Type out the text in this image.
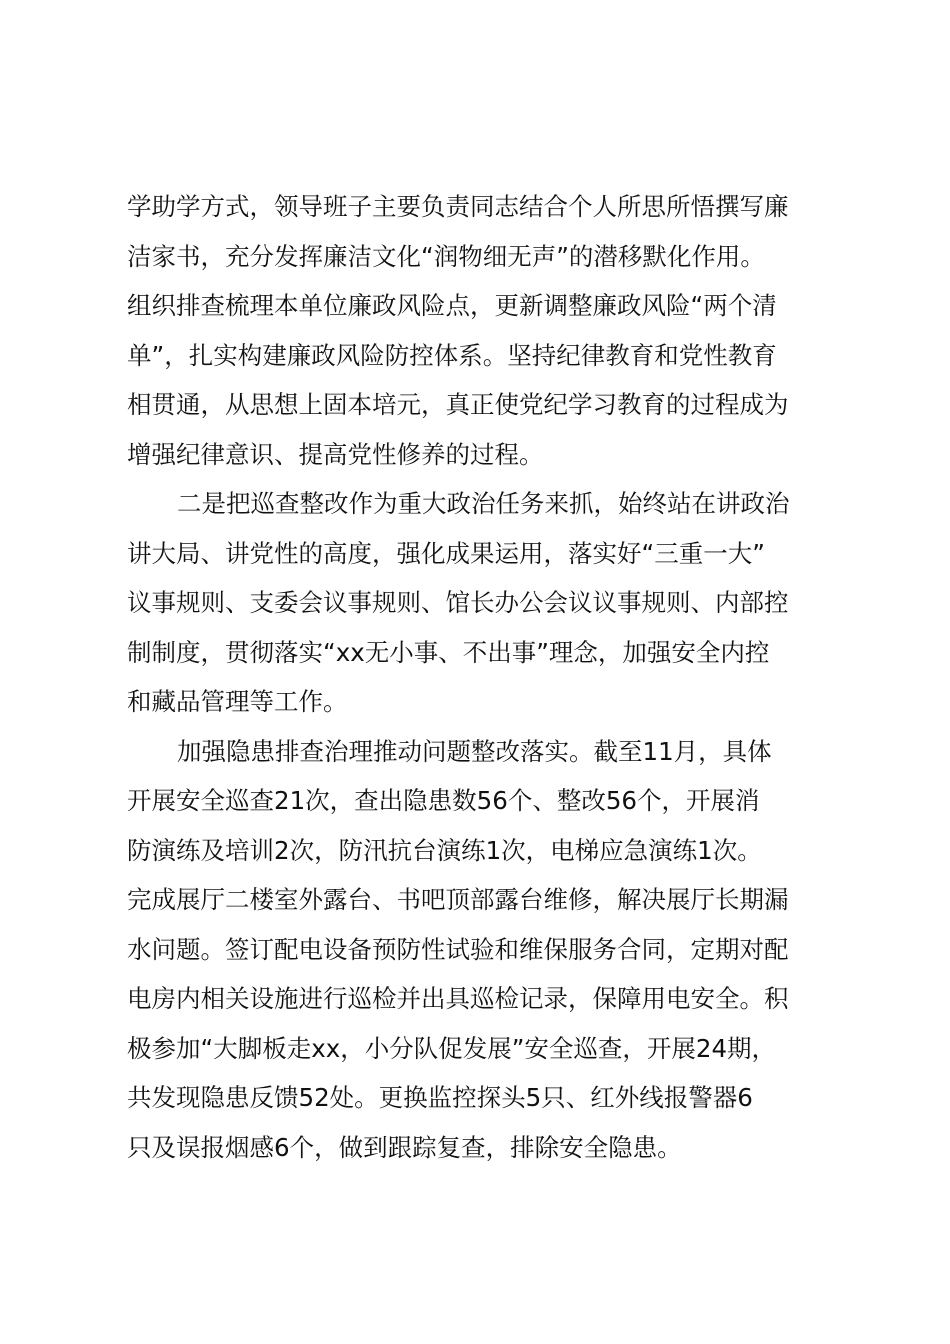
学助学方式，领导班子主要负责同志结合个人所思所悟撰写廉
洁家书，充分发挥廉洁文化“润物细无声”的潜移默化作用。
组织排查梳理本单位廉政风险点，更新调整廉政风险“两个清
单”，扎实构建廉政风险防控体系。坚持纪律教育和党性教育
相贯通，从思想上固本培元，真正使党纪学习教育的过程成为
增强纪律意识、提高党性修养的过程。
二是把巡查整改作为重大政治任务来抓，始终站在讲政治
讲大局、讲党性的高度，强化成果运用，落实好“三重一大”
议事规则、支委会议事规则、馆长办公会议议事规则、内部控
制制度，贯彻落实“xx无小事、不出事”理念，加强安全内控
和藏品管理等工作。
加强隐患排查治理推动问题整改落实。截至11月，具体
开展安全巡查21次，查出隐患数56个、整改56个，开展消
防演练及培训2次，防汛抗台演练1次，电梯应急演练1次。
完成展厅二楼室外露台、书吧顶部露台维修，解决展厅长期漏
水问题。签订配电设备预防性试验和维保服务合同，定期对配
电房内相关设施进行巡检并出具巡检记录，保障用电安全。积
极参加“大脚板走xx，小分队促发展”安全巡查，开展24期，
共发现隐患反馈52处。更换监控探头5只、红外线报警器6
只及误报烟感6个，做到跟踪复查，排除安全隐患。
